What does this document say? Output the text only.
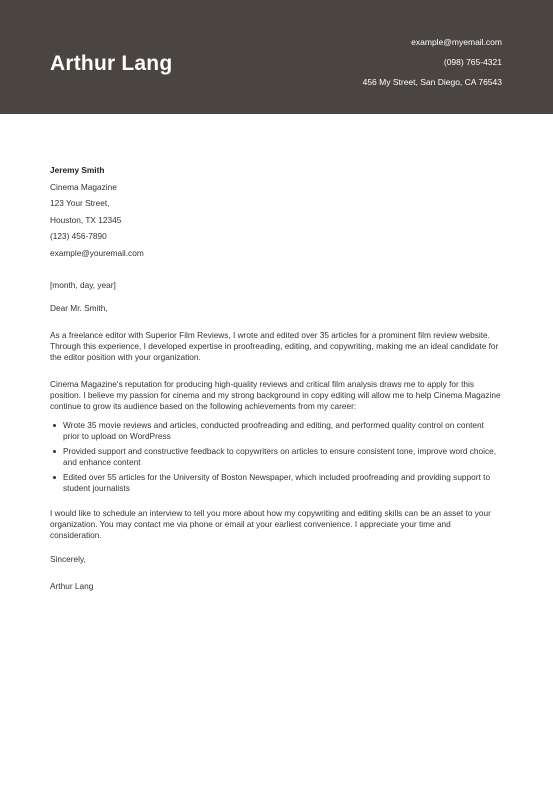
Arthur Lang
example@myemail.com
(098) 765-4321
456 My Street, San Diego, CA 76543
Jeremy Smith
Cinema Magazine
123 Your Street,
Houston, TX 12345
(123) 456-7890
example@youremail.com
[month, day, year]
Dear Mr. Smith,

As a freelance editor with Superior Film Reviews, I wrote and edited over 35 articles for a prominent film review website. Through this experience, I developed expertise in proofreading, editing, and copywriting, making me an ideal candidate for the editor position with your organization.

Cinema Magazine's reputation for producing high-quality reviews and critical film analysis draws me to apply for this position. I believe my passion for cinema and my strong background in copy editing will allow me to help Cinema Magazine continue to grow its audience based on the following achievements from my career:

Wrote 35 movie reviews and articles, conducted proofreading and editing, and performed quality control on content prior to upload on WordPress
Provided support and constructive feedback to copywriters on articles to ensure consistent tone, improve word choice, and enhance content
Edited over 55 articles for the University of Boston Newspaper, which included proofreading and providing support to student journalists

I would like to schedule an interview to tell you more about how my copywriting and editing skills can be an asset to your organization. You may contact me via phone or email at your earliest convenience. I appreciate your time and consideration.

Sincerely,
Arthur Lang
